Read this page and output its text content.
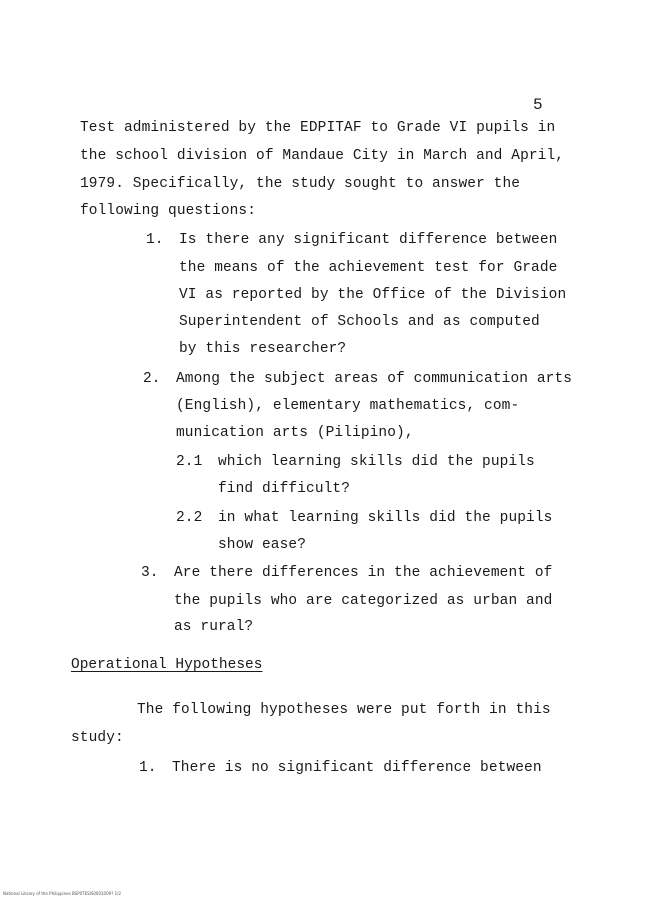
5
Test administered by the EDPITAF to Grade VI pupils in
the school division of Mandaue City in March and April,
1979. Specifically, the study sought to answer the
following questions:
1. Is there any significant difference between
the means of the achievement test for Grade
VI as reported by the Office of the Division
Superintendent of Schools and as computed
by this researcher?
2. Among the subject areas of communication arts
(English), elementary mathematics, com-
munication arts (Pilipino),
2.1 which learning skills did the pupils
find difficult?
2.2 in what learning skills did the pupils
show ease?
3. Are there differences in the achievement of
the pupils who are categorized as urban and
as rural?
Operational Hypotheses
The following hypotheses were put forth in this
study:
1. There is no significant difference between
National Library of the Philippines BSP0TESIS0001009? 1/2
